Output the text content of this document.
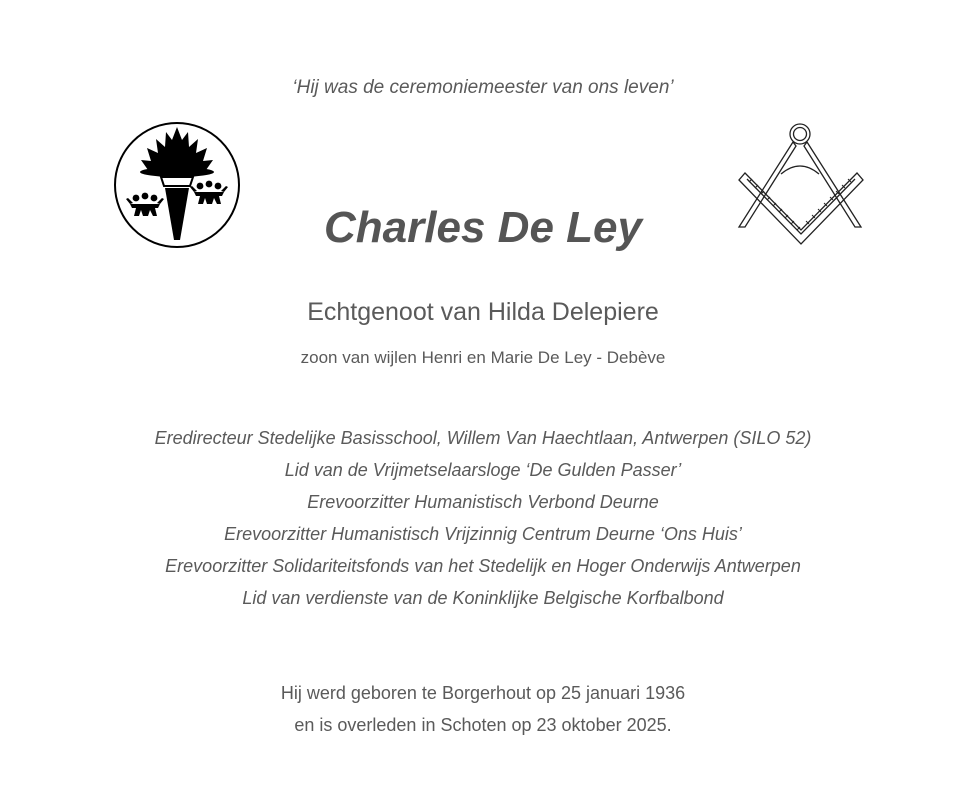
‘Hij was de ceremoniemeester van ons leven’
Charles De Ley
Echtgenoot van Hilda Delepiere
zoon van wijlen Henri en Marie De Ley - Debève
Eredirecteur Stedelijke Basisschool, Willem Van Haechtlaan, Antwerpen (SILO 52)
Lid van de Vrijmetselaarsloge ‘De Gulden Passer’
Erevoorzitter Humanistisch Verbond Deurne
Erevoorzitter Humanistisch Vrijzinnig Centrum Deurne ‘Ons Huis’
Erevoorzitter Solidariteitsfonds van het Stedelijk en Hoger Onderwijs Antwerpen
Lid van verdienste van de Koninklijke Belgische Korfbalbond
Hij werd geboren te Borgerhout op 25 januari 1936
en is overleden in Schoten op 23 oktober 2025.
